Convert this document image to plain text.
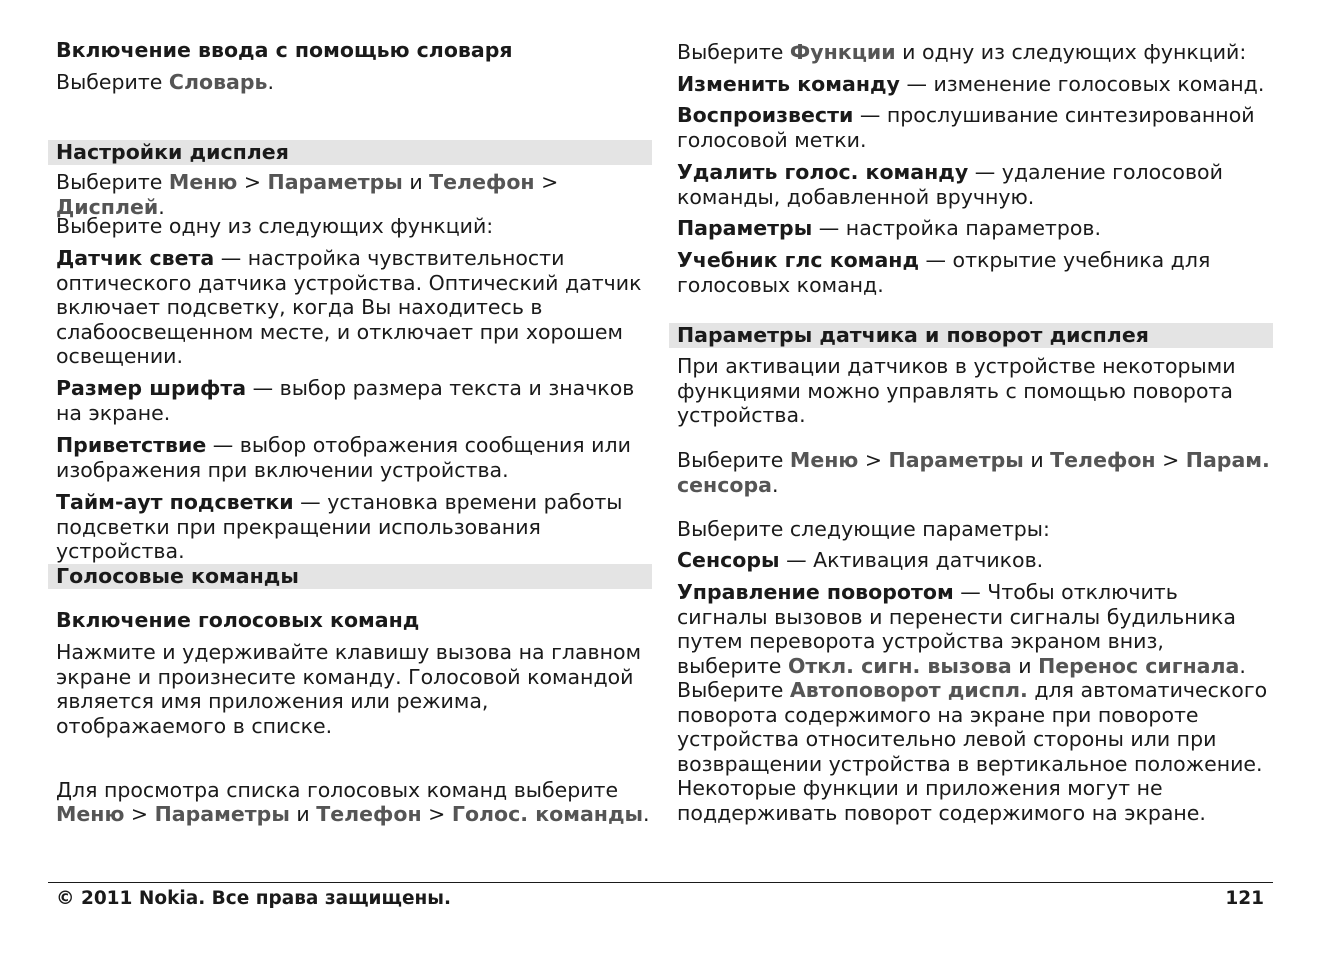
Включение ввода с помощью словаря
Выберите Словарь.
Настройки дисплея
Выберите Меню > Параметры и Телефон > Дисплей.
Выберите одну из следующих функций:
Датчик света — настройка чувствительности оптического датчика устройства. Оптический датчик включает подсветку, когда Вы находитесь в слабоосвещенном месте, и отключает при хорошем освещении.
Размер шрифта — выбор размера текста и значков на экране.
Приветствие — выбор отображения сообщения или изображения при включении устройства.
Тайм-аут подсветки — установка времени работы подсветки при прекращении использования устройства.
Голосовые команды
Включение голосовых команд
Нажмите и удерживайте клавишу вызова на главном экране и произнесите команду. Голосовой командой является имя приложения или режима, отображаемого в списке.
Для просмотра списка голосовых команд выберите
Меню > Параметры и Телефон > Голос. команды.
Выберите Функции и одну из следующих функций:
Изменить команду — изменение голосовых команд.
Воспроизвести — прослушивание синтезированной голосовой метки.
Удалить голос. команду — удаление голосовой команды, добавленной вручную.
Параметры — настройка параметров.
Учебник глс команд — открытие учебника для голосовых команд.
Параметры датчика и поворот дисплея
При активации датчиков в устройстве некоторыми функциями можно управлять с помощью поворота устройства.
Выберите Меню > Параметры и Телефон > Парам. сенсора.
Выберите следующие параметры:
Сенсоры — Активация датчиков.
Управление поворотом — Чтобы отключить сигналы вызовов и перенести сигналы будильника путем переворота устройства экраном вниз, выберите Откл. сигн. вызова и Перенос сигнала. Выберите Автоповорот диспл. для автоматического поворота содержимого на экране при повороте устройства относительно левой стороны или при возвращении устройства в вертикальное положение. Некоторые функции и приложения могут не поддерживать поворот содержимого на экране.
© 2011 Nokia. Все права защищены.	121
